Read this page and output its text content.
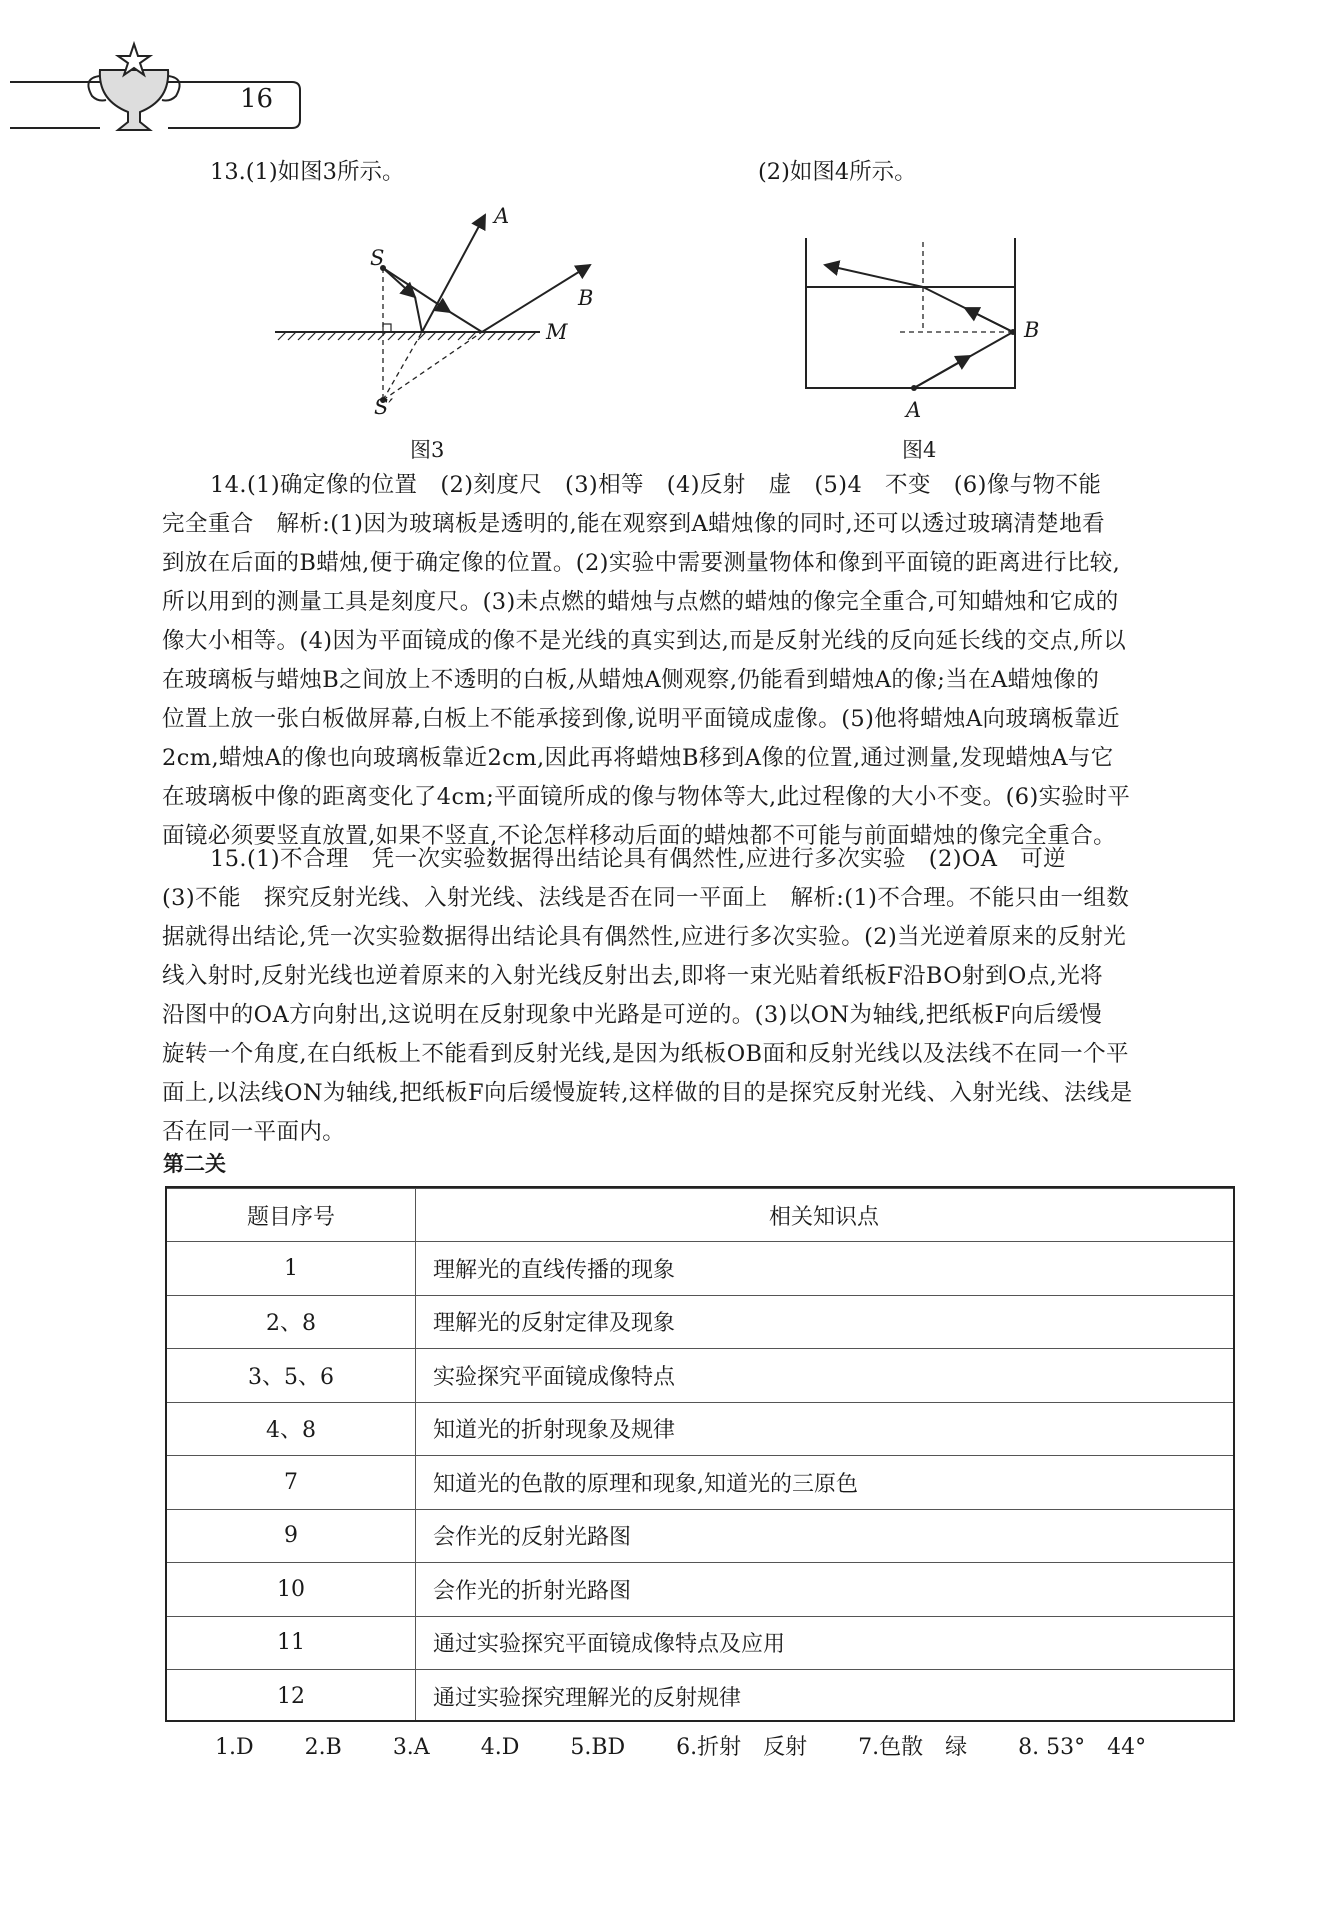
16
13.(1)如图3所示。	(2)如图4所示。
S
A
B
M
S′
图3
B
A
图4
14.(1)确定像的位置　(2)刻度尺　(3)相等　(4)反射　虚　(5)4　不变　(6)像与物不能
完全重合　解析:(1)因为玻璃板是透明的,能在观察到A蜡烛像的同时,还可以透过玻璃清楚地看
到放在后面的B蜡烛,便于确定像的位置。(2)实验中需要测量物体和像到平面镜的距离进行比较,
所以用到的测量工具是刻度尺。(3)未点燃的蜡烛与点燃的蜡烛的像完全重合,可知蜡烛和它成的
像大小相等。(4)因为平面镜成的像不是光线的真实到达,而是反射光线的反向延长线的交点,所以
在玻璃板与蜡烛B之间放上不透明的白板,从蜡烛A侧观察,仍能看到蜡烛A的像;当在A蜡烛像的
位置上放一张白板做屏幕,白板上不能承接到像,说明平面镜成虚像。(5)他将蜡烛A向玻璃板靠近
2cm,蜡烛A的像也向玻璃板靠近2cm,因此再将蜡烛B移到A像的位置,通过测量,发现蜡烛A与它
在玻璃板中像的距离变化了4cm;平面镜所成的像与物体等大,此过程像的大小不变。(6)实验时平
面镜必须要竖直放置,如果不竖直,不论怎样移动后面的蜡烛都不可能与前面蜡烛的像完全重合。
15.(1)不合理　凭一次实验数据得出结论具有偶然性,应进行多次实验　(2)OA　可逆
(3)不能　探究反射光线、入射光线、法线是否在同一平面上　解析:(1)不合理。不能只由一组数
据就得出结论,凭一次实验数据得出结论具有偶然性,应进行多次实验。(2)当光逆着原来的反射光
线入射时,反射光线也逆着原来的入射光线反射出去,即将一束光贴着纸板F沿BO射到O点,光将
沿图中的OA方向射出,这说明在反射现象中光路是可逆的。(3)以ON为轴线,把纸板F向后缓慢
旋转一个角度,在白纸板上不能看到反射光线,是因为纸板OB面和反射光线以及法线不在同一个平
面上,以法线ON为轴线,把纸板F向后缓慢旋转,这样做的目的是探究反射光线、入射光线、法线是
否在同一平面内。
第二关
题目序号	相关知识点
1	理解光的直线传播的现象
2、8	理解光的反射定律及现象
3、5、6	实验探究平面镜成像特点
4、8	知道光的折射现象及规律
7	知道光的色散的原理和现象,知道光的三原色
9	会作光的反射光路图
10	会作光的折射光路图
11	通过实验探究平面镜成像特点及应用
12	通过实验探究理解光的反射规律
1.D 2.B 3.A 4.D 5.BD 6.折射　反射 7.色散　绿 8. 53°　44°
